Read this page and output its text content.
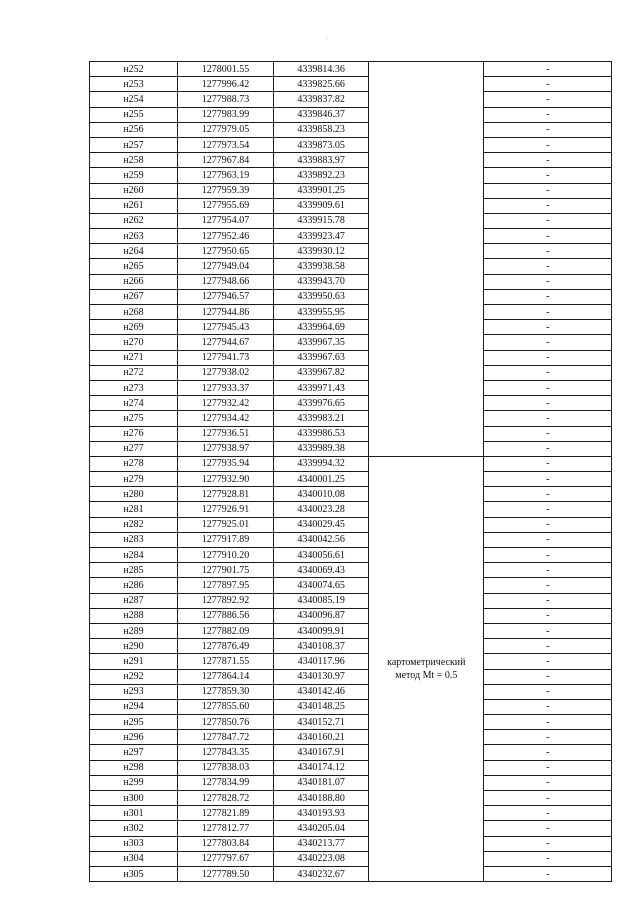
.
н252	1278001.55	4339814.36		-
н253	1277996.42	4339825.66		-
н254	1277988.73	4339837.82		-
н255	1277983.99	4339846.37		-
н256	1277979.05	4339858.23		-
н257	1277973.54	4339873.05		-
н258	1277967.84	4339883.97		-
н259	1277963.19	4339892.23		-
н260	1277959.39	4339901.25		-
н261	1277955.69	4339909.61		-
н262	1277954.07	4339915.78		-
н263	1277952.46	4339923.47		-
н264	1277950.65	4339930.12		-
н265	1277949.04	4339938.58		-
н266	1277948.66	4339943.70		-
н267	1277946.57	4339950.63		-
н268	1277944.86	4339955.95		-
н269	1277945.43	4339964.69		-
н270	1277944.67	4339967.35		-
н271	1277941.73	4339967.63		-
н272	1277938.02	4339967.82		-
н273	1277933.37	4339971.43		-
н274	1277932.42	4339976.65		-
н275	1277934.42	4339983.21		-
н276	1277936.51	4339986.53		-
н277	1277938.97	4339989.38		-
н278	1277935.94	4339994.32	картометрический
метод Mt = 0.5	-
н279	1277932.90	4340001.25		-
н280	1277928.81	4340010.08		-
н281	1277926.91	4340023.28		-
н282	1277925.01	4340029.45		-
н283	1277917.89	4340042.56		-
н284	1277910.20	4340056.61		-
н285	1277901.75	4340069.43		-
н286	1277897.95	4340074.65		-
н287	1277892.92	4340085.19		-
н288	1277886.56	4340096.87		-
н289	1277882.09	4340099.91		-
н290	1277876.49	4340108.37		-
н291	1277871.55	4340117.96		-
н292	1277864.14	4340130.97		-
н293	1277859.30	4340142.46		-
н294	1277855.60	4340148.25		-
н295	1277850.76	4340152.71		-
н296	1277847.72	4340160.21		-
н297	1277843.35	4340167.91		-
н298	1277838.03	4340174.12		-
н299	1277834.99	4340181.07		-
н300	1277828.72	4340188.80		-
н301	1277821.89	4340193.93		-
н302	1277812.77	4340205.04		-
н303	1277803.84	4340213.77		-
н304	1277797.67	4340223.08		-
н305	1277789.50	4340232.67		-
